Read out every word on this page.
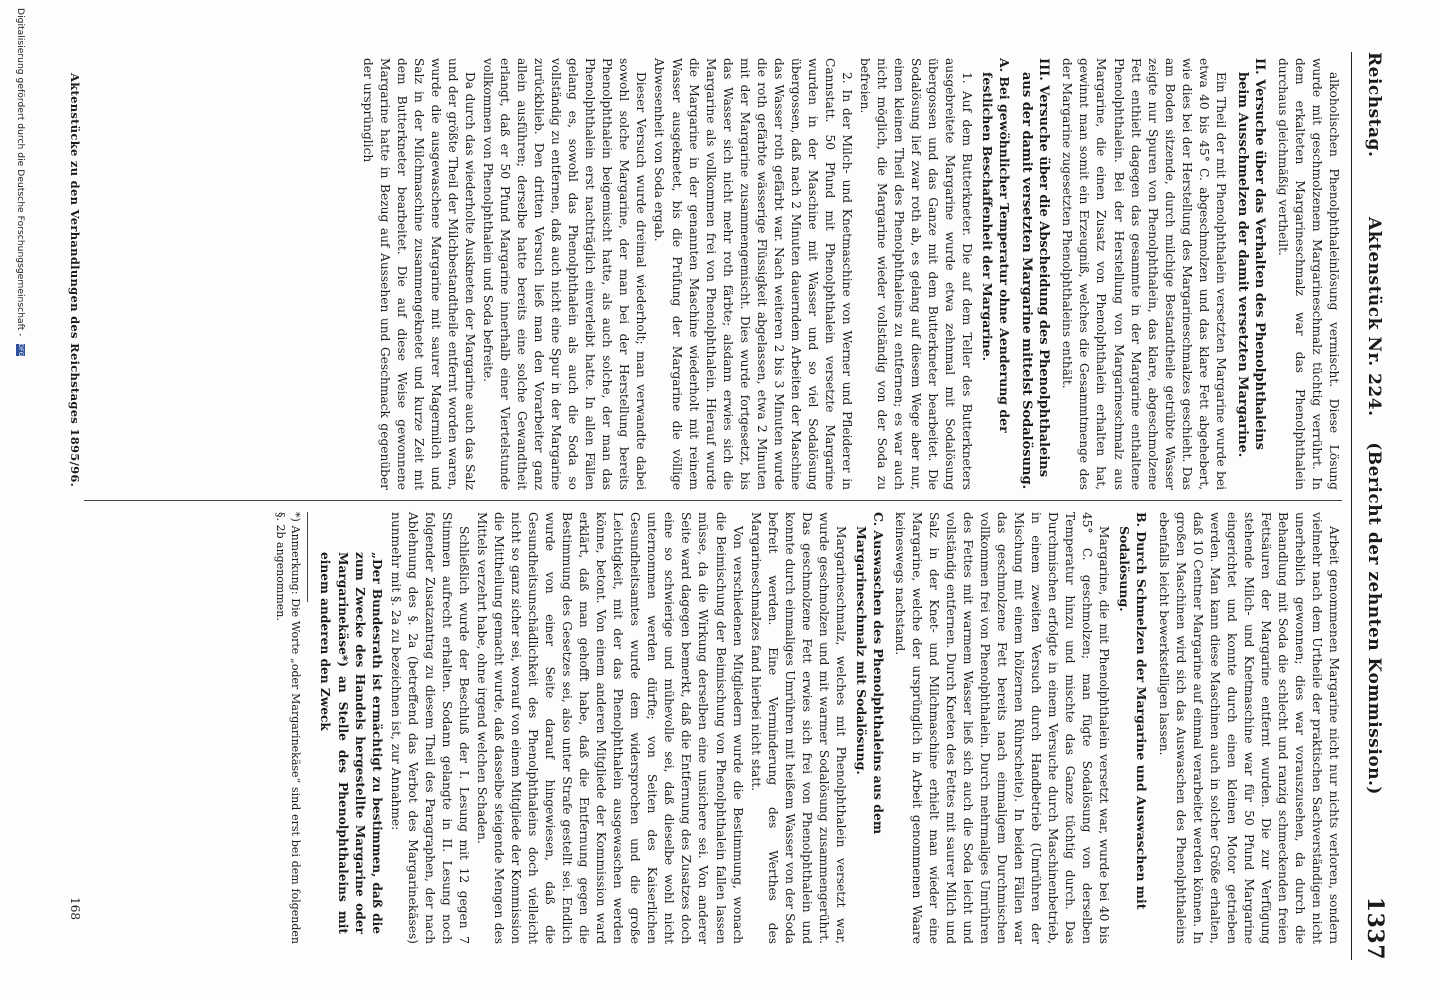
Reichstag.
Aktenstück Nr. 224.    (Bericht der zehnten Kommission.)
1337

alkoholischen Phenolphthaleinlösung vermischt. Diese Lösung wurde mit geschmolzenem Margarineschmalz tüchtig verrührt. In dem erkalteten Margarineschmalz war das Phenolphthalein durchaus gleichmäßig vertheilt.

II. Versuche über das Verhalten des Phenolphthaleins beim Ausschmelzen der damit versetzten Margarine.

Ein Theil der mit Phenolphthalein versetzten Margarine wurde bei etwa 40 bis 45° C. abgeschmolzen und das klare Fett abgehebert, wie dies bei der Herstellung des Margarineschmalzes geschieht. Das am Boden sitzende, durch milchige Bestandtheile getrübte Wasser zeigte nur Spuren von Phenolphthalein, das klare, abgeschmolzene Fett enthielt dagegen das gesammte in der Margarine enthaltene Phenolphthalein. Bei der Herstellung von Margarineschmalz aus Margarine, die einen Zusatz von Phenolphthalein erhalten hat, gewinnt man somit ein Erzeugniß, welches die Gesammtmenge des der Margarine zugesetzten Phenolphthaleins enthält.

III. Versuche über die Abscheidung des Phenolphthaleins aus der damit versetzten Margarine mittelst Sodalösung.
A. Bei gewöhnlicher Temperatur ohne Aenderung der festlichen Beschaffenheit der Margarine.

1. Auf dem Butterkneter. Die auf dem Teller des Butterkneters ausgebreitete Margarine wurde etwa zehnmal mit Sodalösung übergossen und das Ganze mit dem Butterkneter bearbeitet. Die Sodalösung lief zwar roth ab, es gelang auf diesem Wege aber nur, einen kleinen Theil des Phenolphthaleins zu entfernen; es war auch nicht möglich, die Margarine wieder vollständig von der Soda zu befreien.

2. In der Milch- und Knetmaschine von Werner und Pfleiderer in Cannstatt. 50 Pfund mit Phenolphthalein versetzte Margarine wurden in der Maschine mit Wasser und so viel Sodalösung übergossen, daß nach 2 Minuten dauerndem Arbeiten der Maschine das Wasser roth gefärbt war. Nach weiteren 2 bis 3 Minuten wurde die roth gefärbte wässerige Flüssigkeit abgelassen, etwa 2 Minuten mit der Margarine zusammengemischt. Dies wurde fortgesetzt, bis das Wasser sich nicht mehr roth färbte; alsdann erwies sich die Margarine als vollkommen frei von Phenolphthalein. Hierauf wurde die Margarine in der genannten Maschine wiederholt mit reinem Wasser ausgeknetet, bis die Prüfung der Margarine die völlige Abwesenheit von Soda ergab.

Dieser Versuch wurde dreimal wiederholt; man verwandte dabei sowohl solche Margarine, der man bei der Herstellung bereits Phenolphthalein beigemischt hatte, als auch solche, der man das Phenolphthalein erst nachträglich einverleibt hatte. In allen Fällen gelang es, sowohl das Phenolphthalein als auch die Soda so vollständig zu entfernen, daß auch nicht eine Spur in der Margarine zurückblieb. Den dritten Versuch ließ man den Vorarbeiter ganz allein ausführen; derselbe hatte bereits eine solche Gewandtheit erlangt, daß er 50 Pfund Margarine innerhalb einer Viertelstunde vollkommen von Phenolphthalein und Soda befreite.

Da durch das wiederholte Auskneten der Margarine auch das Salz und der größte Theil der Milchbestandtheile entfernt worden waren, wurde die ausgewaschene Margarine mit saurer Magermilch und Salz in der Milchmaschine zusammengeknetet und kurze Zeit mit dem Butterkneter bearbeitet. Die auf diese Weise gewonnene Margarine hatte in Bezug auf Aussehen und Geschmack gegenüber der ursprünglich

Arbeit genommenen Margarine nicht nur nichts verloren, sondern vielmehr nach dem Urtheile der praktischen Sachverständigen nicht unerheblich gewonnen; dies war vorauszusehen, da durch die Behandlung mit Soda die schlecht und ranzig schmeckenden freien Fettsäuren der Margarine entfernt wurden. Die zur Verfügung stehende Milch- und Knetmaschine war für 50 Pfund Margarine eingerichtet und konnte durch einen kleinen Motor getrieben werden. Man kann diese Maschinen auch in solcher Größe erhalten, daß 10 Centner Margarine auf einmal verarbeitet werden können. In großen Maschinen wird sich das Auswaschen des Phenolphthaleins ebenfalls leicht bewerkstelligen lassen.

B. Durch Schmelzen der Margarine und Auswaschen mit Sodalösung.

Margarine, die mit Phenolphthalein versetzt war, wurde bei 40 bis 45° C. geschmolzen; man fügte Sodalösung von derselben Temperatur hinzu und mischte das Ganze tüchtig durch. Das Durchmischen erfolgte in einem Versuche durch Maschinenbetrieb, in einem zweiten Versuch durch Handbetrieb (Umrühren der Mischung mit einem hölzernen Rührscheite). In beiden Fällen war das geschmolzene Fett bereits nach einmaligem Durchmischen vollkommen frei von Phenolphthalein. Durch mehrmaliges Umrühren des Fettes mit warmem Wasser ließ sich auch die Soda leicht und vollständig entfernen. Durch Kneten des Fettes mit saurer Milch und Salz in der Knet- und Milchmaschine erhielt man wieder eine Margarine, welche der ursprünglich in Arbeit genommenen Waare keineswegs nachstand.

C. Auswaschen des Phenolphthaleins aus dem Margarineschmalz mit Sodalösung.

Margarineschmalz, welches mit Phenolphthalein versetzt war, wurde geschmolzen und mit warmer Sodalösung zusammengerührt. Das geschmolzene Fett erwies sich frei von Phenolphthalein und konnte durch einmaliges Umrühren mit heißem Wasser von der Soda befreit werden. Eine Verminderung des Werthes des Margarineschmalzes fand hierbei nicht statt.

Von verschiedenen Mitgliedern wurde die Bestimmung, wonach die Beimischung der Beimischung von Phenolphthalein fallen lassen müsse, da die Wirkung derselben eine unsichere sei. Von anderer Seite ward dagegen bemerkt, daß die Entfernung des Zusatzes doch eine so schwierige und mühevolle sei, daß dieselbe wohl nicht unternommen werden dürfte; von Seiten des Kaiserlichen Gesundheitsamtes wurde dem widersprochen und die große Leichtigkeit, mit der das Phenolphthalein ausgewaschen werden könne, betont. Von einem anderen Mitgliede der Kommission ward erklärt, daß man gehofft habe, daß die Entfernung gegen die Bestimmung des Gesetzes sei, also unter Strafe gestellt sei. Endlich wurde von einer Seite darauf hingewiesen, daß die Gesundheitsunschädlichkeit des Phenolphthaleins doch vielleicht nicht so ganz sicher sei, worauf von einem Mitgliede der Kommission die Mittheilung gemacht wurde, daß dasselbe steigende Mengen des Mittels verzehrt habe, ohne irgend welchen Schaden.

Schließlich wurde der Beschluß der I. Lesung mit 12 gegen 7 Stimmen aufrecht erhalten. Sodann gelangte in II. Lesung noch folgender Zusatzantrag zu diesem Theil des Paragraphen, der nach Ablehnung des §. 2a (betreffend das Verbot des Margarinekäses) nunmehr mit §. 2a zu bezeichnen ist, zur Annahme:

„Der Bundesrath ist ermächtigt zu bestimmen, daß die zum Zwecke des Handels hergestellte Margarine oder Margarinekäse*) an Stelle des Phenolphthaleins mit einem anderen den Zweck

*) Anmerkung: Die Worte „oder Margarinekäse“ sind erst bei dem folgenden §. 2b angenommen.

Aktenstücke zu den Verhandlungen des Reichstages 1895/96.
168
Digitalisierung gefördert durch die Deutsche Forschungsgemeinschaft - DFG
